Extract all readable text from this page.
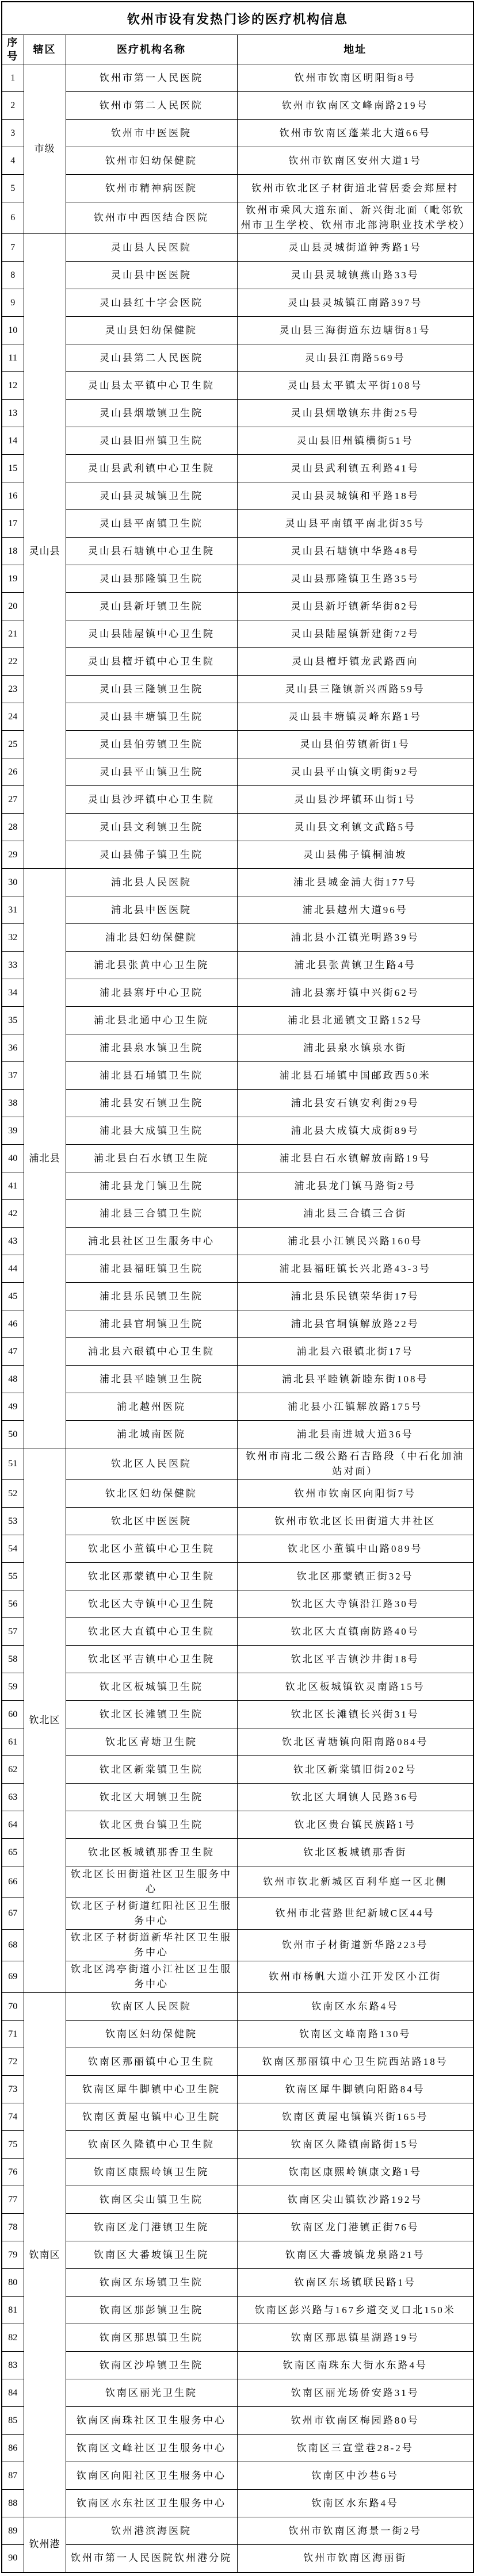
钦州市设有发热门诊的医疗机构信息			
序号	辖区	医疗机构名称	地址
1	市级	钦州市第一人民医院	钦州市钦南区明阳街8号
2		钦州市第二人民医院	钦州市钦南区文峰南路219号
3		钦州市中医医院	钦州市钦南区蓬莱北大道66号
4		钦州市妇幼保健院	钦州市钦南区安州大道1号
5		钦州市精神病医院	钦州市钦北区子材街道北营居委会郑屋村
6		钦州市中西医结合医院	钦州市乘风大道东面、新兴街北面（毗邻钦州市卫生学校、钦州市北部湾职业技术学校）
7	灵山县	灵山县人民医院	灵山县灵城街道钟秀路1号
8		灵山县中医医院	灵山县灵城镇燕山路33号
9		灵山县红十字会医院	灵山县灵城镇江南路397号
10		灵山县妇幼保健院	灵山县三海街道东边塘街81号
11		灵山县第二人民医院	灵山县江南路569号
12		灵山县太平镇中心卫生院	灵山县太平镇太平街108号
13		灵山县烟墩镇卫生院	灵山县烟墩镇东井街25号
14		灵山县旧州镇卫生院	灵山县旧州镇横街51号
15		灵山县武利镇中心卫生院	灵山县武利镇五利路41号
16		灵山县灵城镇卫生院	灵山县灵城镇和平路18号
17		灵山县平南镇卫生院	灵山县平南镇平南北街35号
18		灵山县石塘镇中心卫生院	灵山县石塘镇中华路48号
19		灵山县那隆镇卫生院	灵山县那隆镇卫生路35号
20		灵山县新圩镇卫生院	灵山县新圩镇新华街82号
21		灵山县陆屋镇中心卫生院	灵山县陆屋镇新建街72号
22		灵山县檀圩镇中心卫生院	灵山县檀圩镇龙武路西向
23		灵山县三隆镇卫生院	灵山县三隆镇新兴西路59号
24		灵山县丰塘镇卫生院	灵山县丰塘镇灵峰东路1号
25		灵山县伯劳镇卫生院	灵山县伯劳镇新街1号
26		灵山县平山镇卫生院	灵山县平山镇文明街92号
27		灵山县沙坪镇中心卫生院	灵山县沙坪镇环山街1号
28		灵山县文利镇卫生院	灵山县文利镇文武路5号
29		灵山县佛子镇卫生院	灵山县佛子镇桐油坡
30	浦北县	浦北县人民医院	浦北县城金浦大街177号
31		浦北县中医医院	浦北县越州大道96号
32		浦北县妇幼保健院	浦北县小江镇光明路39号
33		浦北县张黄中心卫生院	浦北县张黄镇卫生路4号
34		浦北县寨圩中心卫院	浦北县寨圩镇中兴街62号
35		浦北县北通中心卫生院	浦北县北通镇文卫路152号
36		浦北县泉水镇卫生院	浦北县泉水镇泉水街
37		浦北县石埇镇卫生院	浦北县石埇镇中国邮政西50米
38		浦北县安石镇卫生院	浦北县安石镇安利街29号
39		浦北县大成镇卫生院	浦北县大成镇大成街89号
40		浦北县白石水镇卫生院	浦北县白石水镇解放南路19号
41		浦北县龙门镇卫生院	浦北县龙门镇马路街2号
42		浦北县三合镇卫生院	浦北县三合镇三合街
43		浦北县社区卫生服务中心	浦北县小江镇民兴路160号
44		浦北县福旺镇卫生院	浦北县福旺镇长兴北路43-3号
45		浦北县乐民镇卫生院	浦北县乐民镇荣华街17号
46		浦北县官垌镇卫生院	浦北县官垌镇解放路22号
47		浦北县六硍镇中心卫生院	浦北县六硍镇北街17号
48		浦北县平睦镇卫生院	浦北县平睦镇新睦东街108号
49		浦北越州医院	浦北县小江镇解放路175号
50		浦北城南医院	浦北县南进城大道36号
51	钦北区	钦北区人民医院	钦州市南北二级公路石吉路段（中石化加油站对面）
52		钦北区妇幼保健院	钦州市钦南区向阳街7号
53		钦北区中医医院	钦州市钦北区长田街道大井社区
54		钦北区小董镇中心卫生院	钦北区小董镇中山路089号
55		钦北区那蒙镇中心卫生院	钦北区那蒙镇正街32号
56		钦北区大寺镇中心卫生院	钦北区大寺镇沿江路30号
57		钦北区大直镇中心卫生院	钦北区大直镇南防路40号
58		钦北区平吉镇中心卫生院	钦北区平吉镇沙井街18号
59		钦北区板城镇卫生院	钦北区板城镇钦灵南路15号
60		钦北区长滩镇卫生院	钦北区长滩镇长兴街31号
61		钦北区青塘卫生院	钦北区青塘镇向阳南路084号
62		钦北区新棠镇卫生院	钦北区新棠镇旧街202号
63		钦北区大垌镇卫生院	钦北区大垌镇人民路36号
64		钦北区贵台镇卫生院	钦北区贵台镇民族路1号
65		钦北区板城镇那香卫生院	钦北区板城镇那香街
66		钦北区长田街道社区卫生服务中心	钦州市钦北新城区百利华庭一区北侧
67		钦北区子材街道红阳社区卫生服务中心	钦州市北营路世纪新城C区44号
68		钦北区子材街道新华社区卫生服务中心	钦州市子材街道新华路223号
69		钦北区鸿亭街道小江社区卫生服务中心	钦州市杨帆大道小江开发区小江街
70	钦南区	钦南区人民医院	钦南区水东路4号
71		钦南区妇幼保健院	钦南区文峰南路130号
72		钦南区那丽镇中心卫生院	钦南区那丽镇中心卫生院西站路18号
73		钦南区犀牛脚镇中心卫生院	钦南区犀牛脚镇向阳路84号
74		钦南区黄屋屯镇中心卫生院	钦南区黄屋屯镇镇兴街165号
75		钦南区久隆镇中心卫生院	钦南区久隆镇南路街15号
76		钦南区康熙岭镇卫生院	钦南区康熙岭镇康文路1号
77		钦南区尖山镇卫生院	钦南区尖山镇钦沙路192号
78		钦南区龙门港镇卫生院	钦南区龙门港镇正街76号
79		钦南区大番坡镇卫生院	钦南区大番坡镇龙泉路21号
80		钦南区东场镇卫生院	钦南区东场镇联民路1号
81		钦南区那彭镇卫生院	钦南区彭兴路与167乡道交叉口北150米
82		钦南区那思镇卫生院	钦南区那思镇星湖路19号
83		钦南区沙埠镇卫生院	钦南区南珠东大街水东路4号
84		钦南区丽光卫生院	钦南区丽光场侨安路31号
85		钦南区南珠社区卫生服务中心	钦州市钦南区梅园路80号
86		钦南区文峰社区卫生服务中心	钦南区三宣堂巷28-2号
87		钦南区向阳社区卫生服务中心	钦南区中沙巷6号
88		钦南区水东社区卫生服务中心	钦南区水东路4号
89	钦州港	钦州港滨海医院	钦州市钦南区海景一街2号
90		钦州市第一人民医院钦州港分院	钦州市钦南区海丽街
